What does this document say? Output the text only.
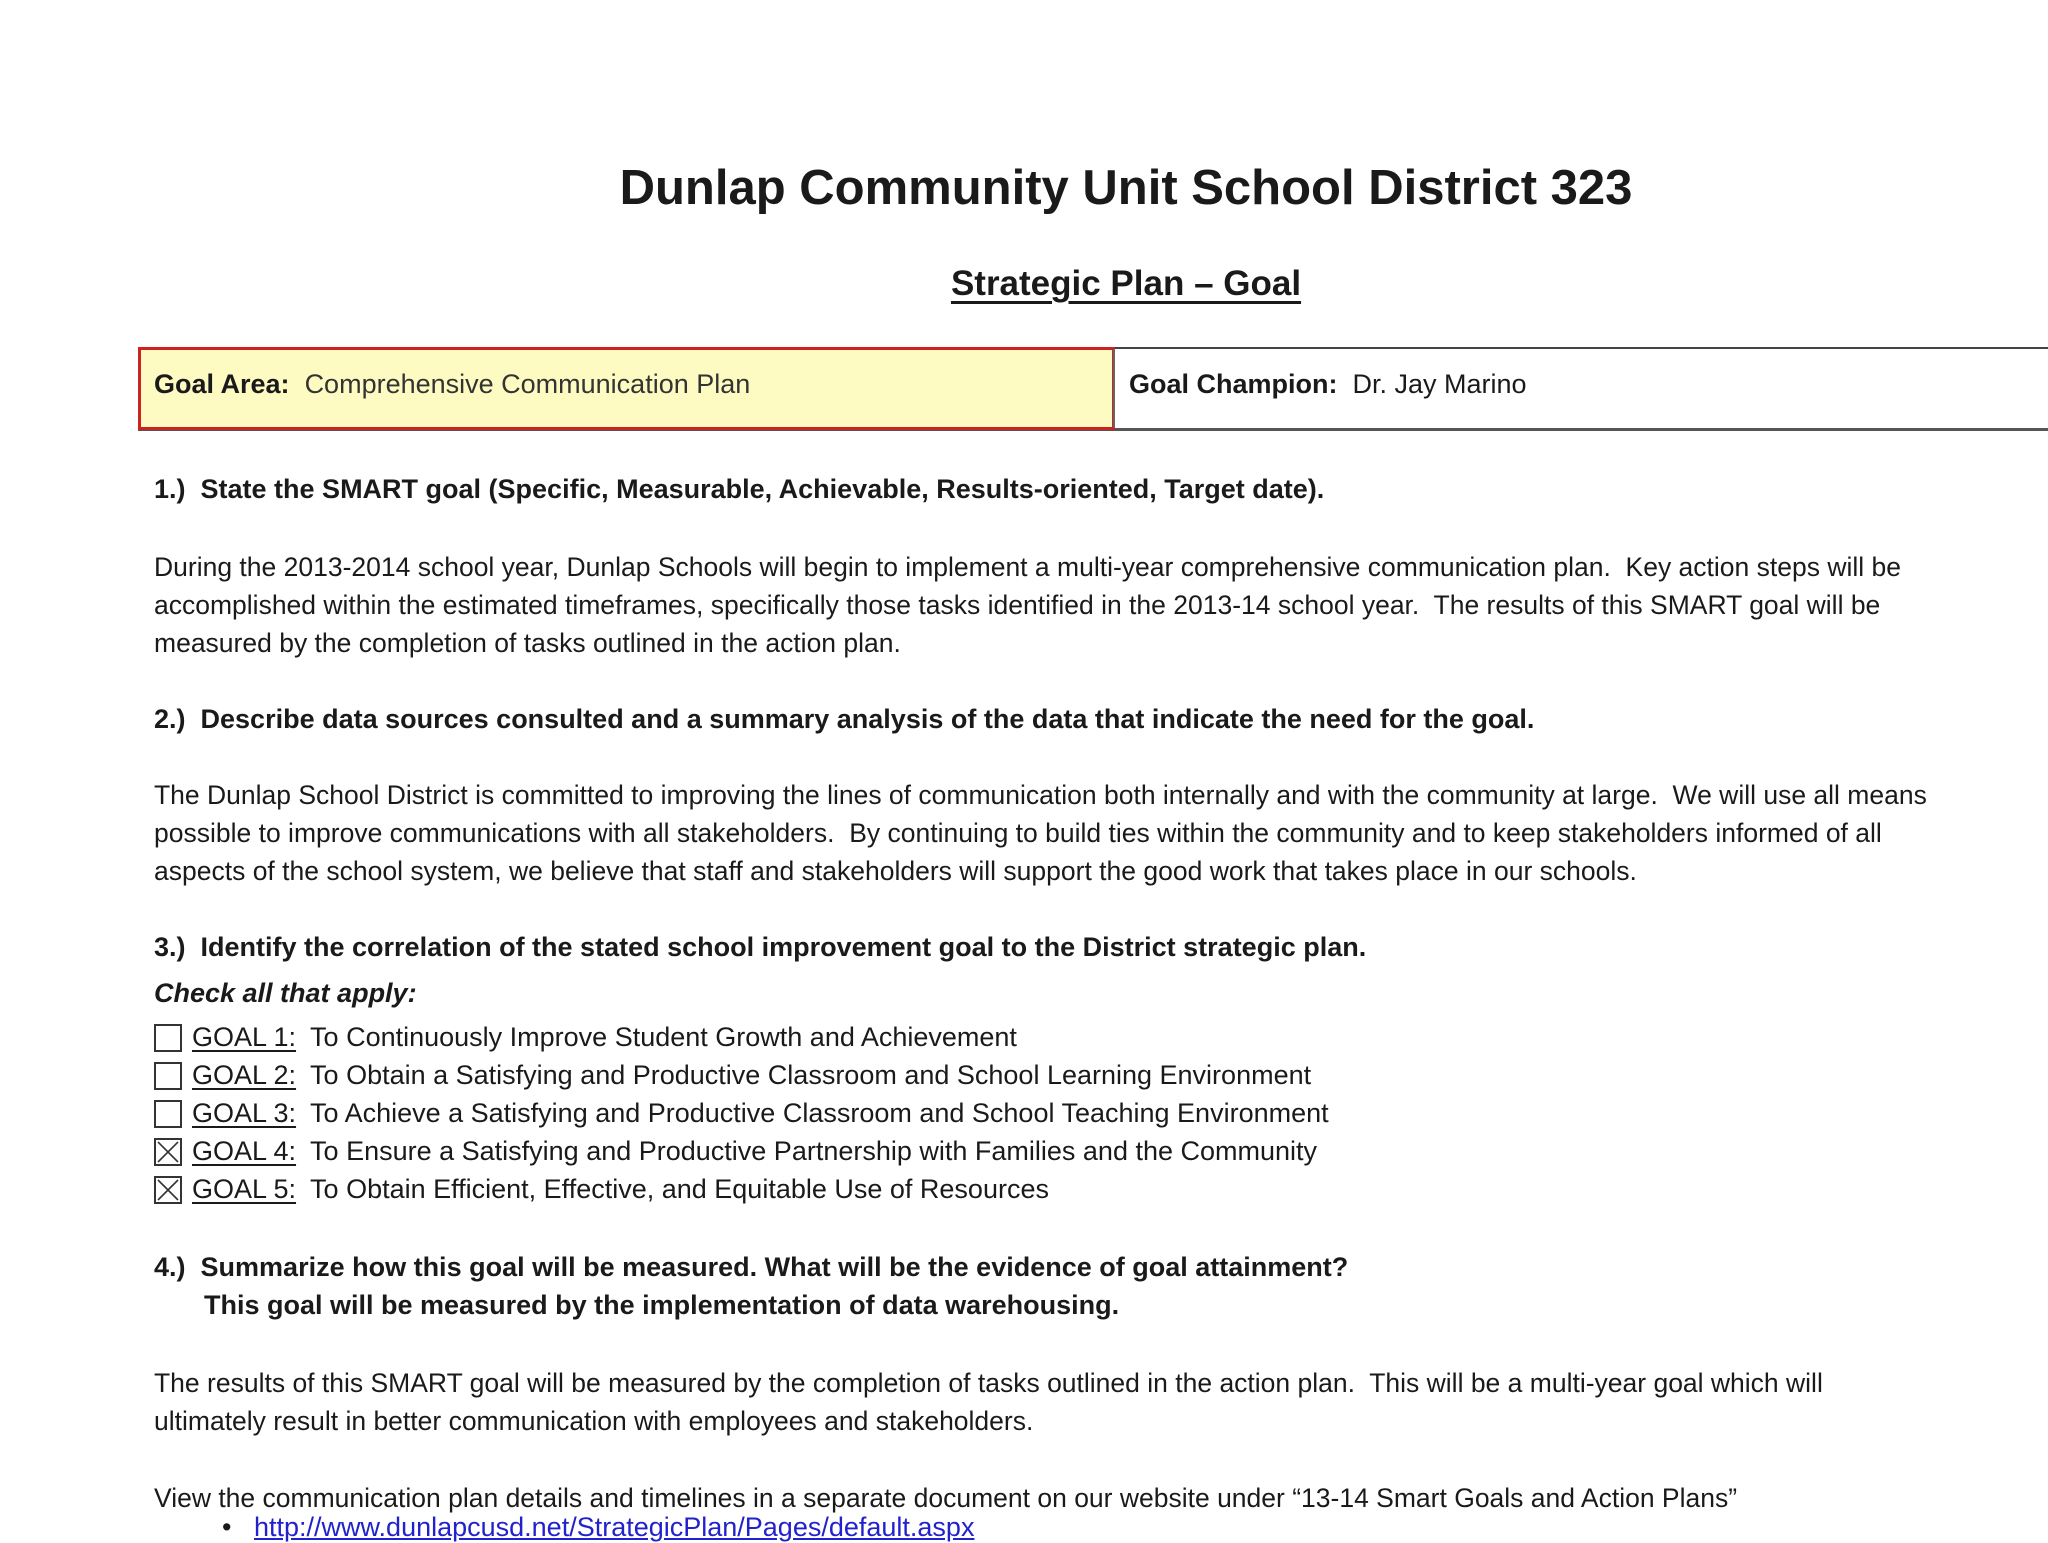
Dunlap Community Unit School District 323
Strategic Plan – Goal
Goal Area: Comprehensive Communication Plan	Goal Champion: Dr. Jay Marino
1.) State the SMART goal (Specific, Measurable, Achievable, Results-oriented, Target date).
During the 2013-2014 school year, Dunlap Schools will begin to implement a multi-year comprehensive communication plan.  Key action steps will be
accomplished within the estimated timeframes, specifically those tasks identified in the 2013-14 school year.  The results of this SMART goal will be
measured by the completion of tasks outlined in the action plan.
2.) Describe data sources consulted and a summary analysis of the data that indicate the need for the goal.
The Dunlap School District is committed to improving the lines of communication both internally and with the community at large.  We will use all means
possible to improve communications with all stakeholders.  By continuing to build ties within the community and to keep stakeholders informed of all
aspects of the school system, we believe that staff and stakeholders will support the good work that takes place in our schools.
3.) Identify the correlation of the stated school improvement goal to the District strategic plan.
Check all that apply:
GOAL 1: To Continuously Improve Student Growth and Achievement
GOAL 2: To Obtain a Satisfying and Productive Classroom and School Learning Environment
GOAL 3: To Achieve a Satisfying and Productive Classroom and School Teaching Environment
GOAL 4: To Ensure a Satisfying and Productive Partnership with Families and the Community
GOAL 5: To Obtain Efficient, Effective, and Equitable Use of Resources
4.) Summarize how this goal will be measured. What will be the evidence of goal attainment?
This goal will be measured by the implementation of data warehousing.
The results of this SMART goal will be measured by the completion of tasks outlined in the action plan.  This will be a multi-year goal which will
ultimately result in better communication with employees and stakeholders.
View the communication plan details and timelines in a separate document on our website under “13-14 Smart Goals and Action Plans”
• http://www.dunlapcusd.net/StrategicPlan/Pages/default.aspx
